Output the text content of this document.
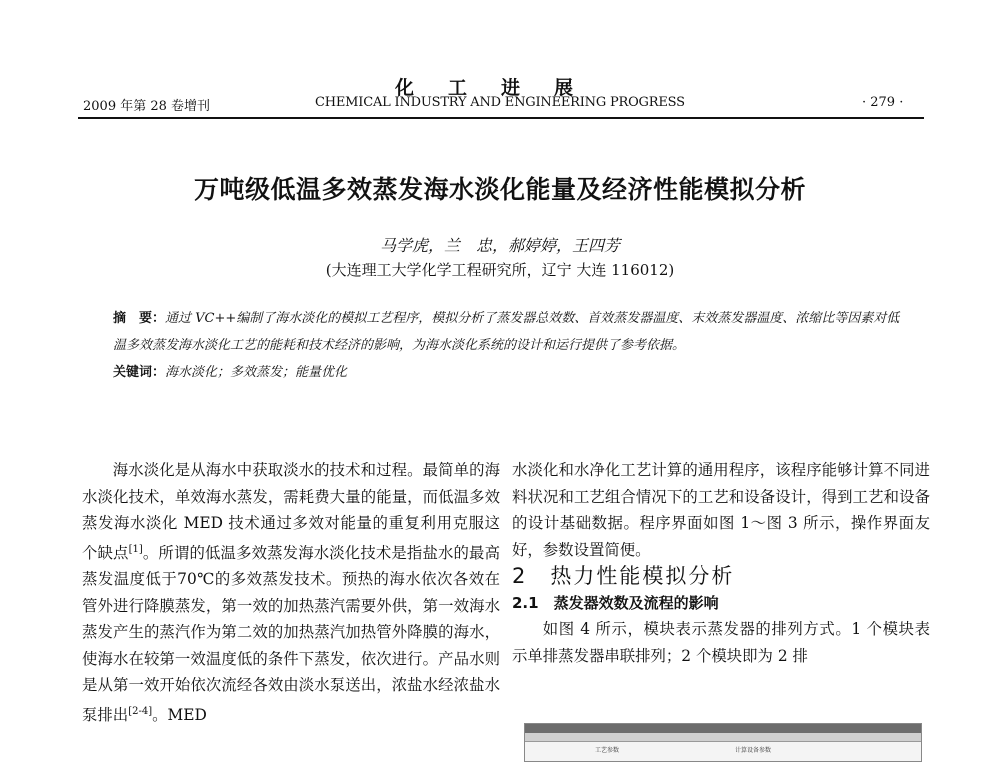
化工进展
2009 年第 28 卷增刊	CHEMICAL INDUSTRY AND ENGINEERING PROGRESS	· 279 ·
万吨级低温多效蒸发海水淡化能量及经济性能模拟分析
马学虎，兰　忠，郝婷婷，王四芳
(大连理工大学化学工程研究所，辽宁 大连 116012)
摘　要：通过 VC++编制了海水淡化的模拟工艺程序，模拟分析了蒸发器总效数、首效蒸发器温度、末效蒸发器温度、浓缩比等因素对低温多效蒸发海水淡化工艺的能耗和技术经济的影响，为海水淡化系统的设计和运行提供了参考依据。
关键词：海水淡化；多效蒸发；能量优化

海水淡化是从海水中获取淡水的技术和过程。最简单的海水淡化技术，单效海水蒸发，需耗费大量的能量，而低温多效蒸发海水淡化 MED 技术通过多效对能量的重复利用克服这个缺点[1]。所谓的低温多效蒸发海水淡化技术是指盐水的最高蒸发温度低于70℃的多效蒸发技术。预热的海水依次各效在管外进行降膜蒸发，第一效的加热蒸汽需要外供，第一效海水蒸发产生的蒸汽作为第二效的加热蒸汽加热管外降膜的海水，使海水在较第一效温度低的条件下蒸发，依次进行。产品水则是从第一效开始依次流经各效由淡水泵送出，浓盐水经浓盐水泵排出[2-4]。MED

水淡化和水净化工艺计算的通用程序，该程序能够计算不同进料状况和工艺组合情况下的工艺和设备设计，得到工艺和设备的设计基础数据。程序界面如图 1～图 3 所示，操作界面友好，参数设置简便。

2　热力性能模拟分析

2.1　蒸发器效数及流程的影响

如图 4 所示，模块表示蒸发器的排列方式。1 个模块表示单排蒸发器串联排列；2 个模块即为 2 排

工艺参数	计算设备参数
